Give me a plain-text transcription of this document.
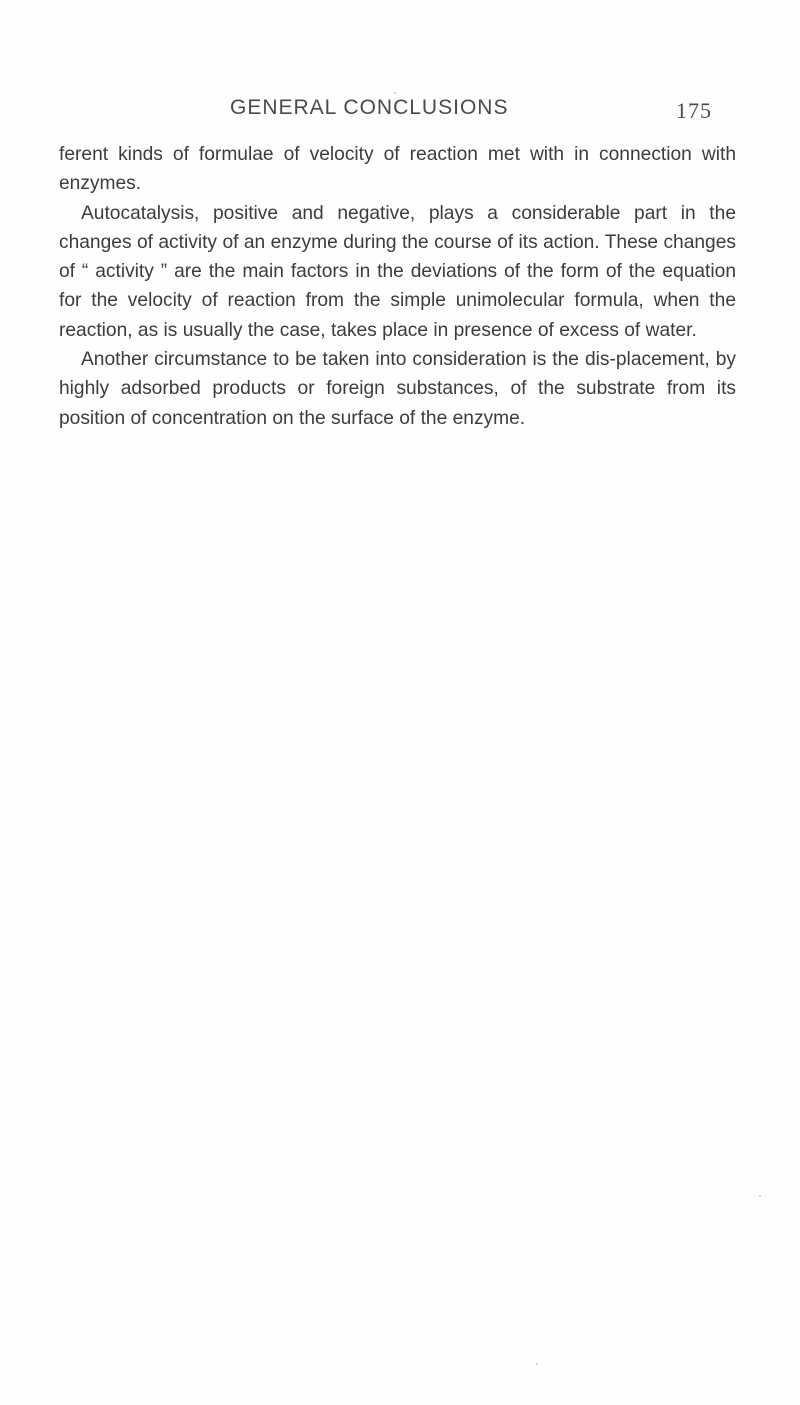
GENERAL CONCLUSIONS	175

ferent kinds of formulae of velocity of reaction met with in connection with enzymes.

Autocatalysis, positive and negative, plays a considerable part in the changes of activity of an enzyme during the course of its action. These changes of “ activity ” are the main factors in the deviations of the form of the equation for the velocity of reaction from the simple unimolecular formula, when the reaction, as is usually the case, takes place in presence of excess of water.

Another circumstance to be taken into consideration is the dis-placement, by highly adsorbed products or foreign substances, of the substrate from its position of concentration on the surface of the enzyme.
